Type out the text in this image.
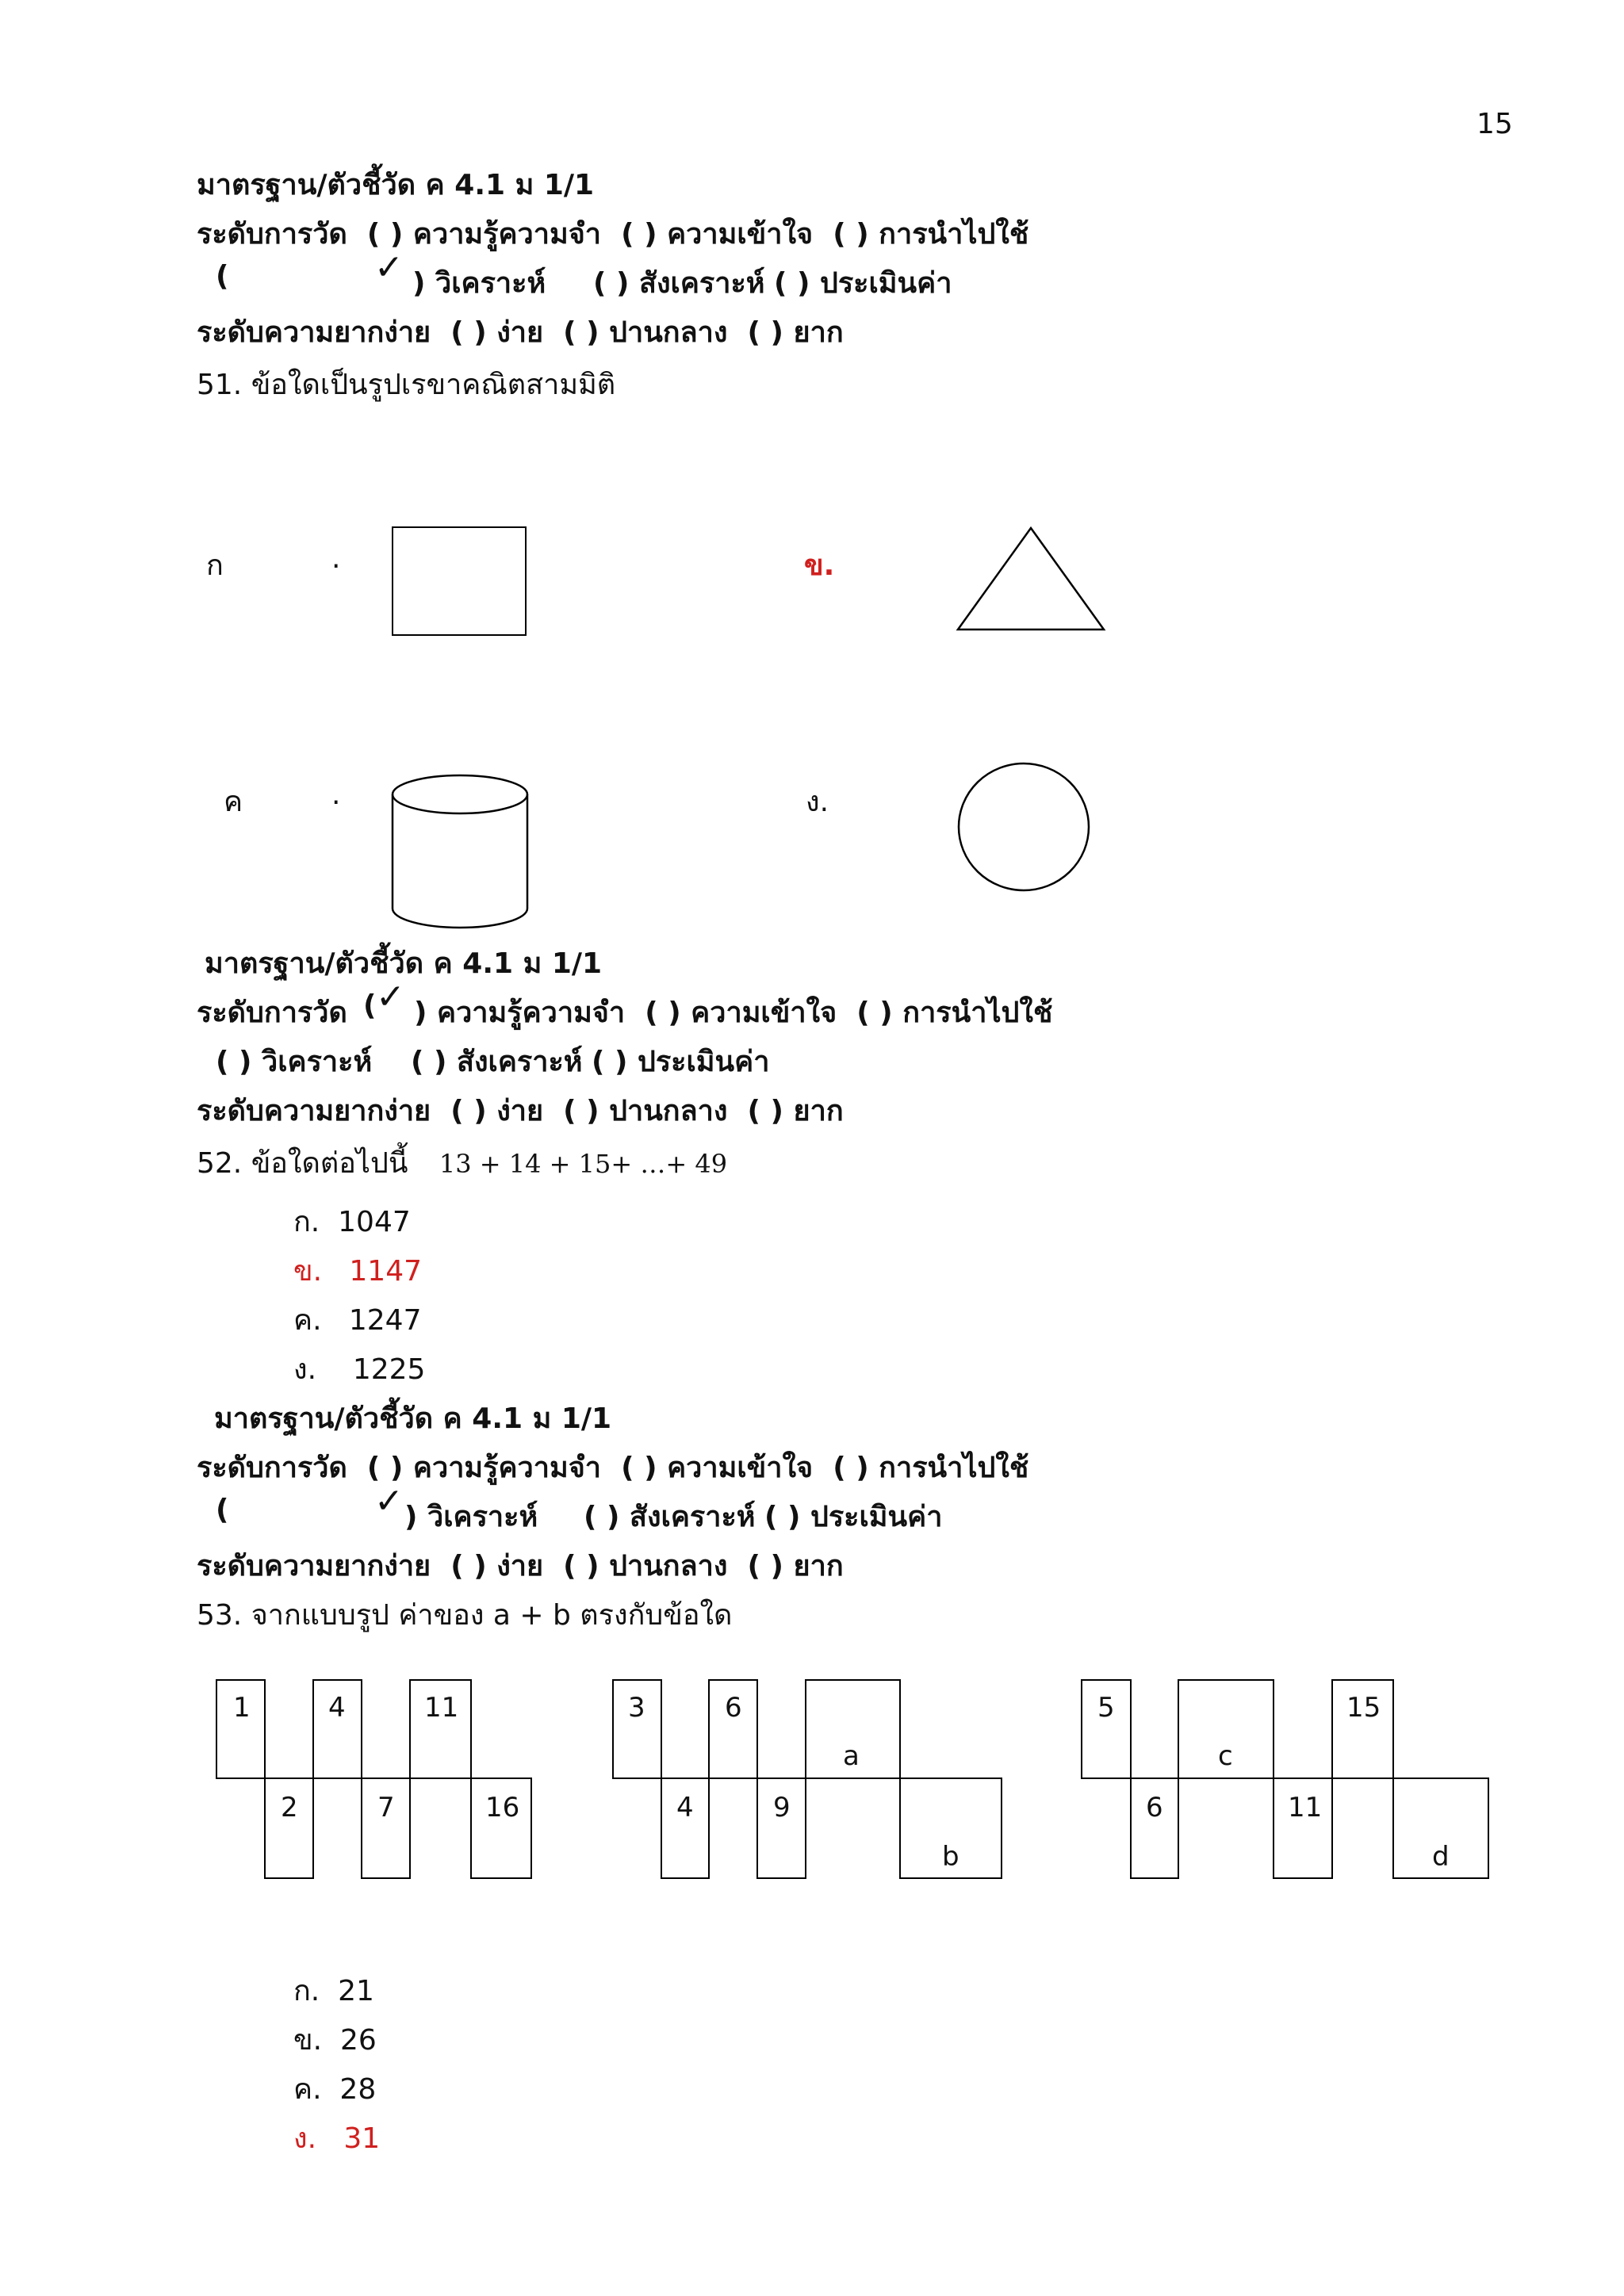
15
มาตรฐาน/ตัวชี้วัด ค 4.1 ม 1/1
ระดับการวัด ( ) ความรู้ความจำ ( ) ความเข้าใจ ( ) การนำไปใช้
(	✓ ) วิเคราะห์ ( ) สังเคราะห์ ( ) ประเมินค่า
ระดับความยากง่าย ( ) ง่าย ( ) ปานกลาง ( ) ยาก
51. ข้อใดเป็นรูปเรขาคณิตสามมิติ
ก	.	ข.
ค	.	ง.
มาตรฐาน/ตัวชี้วัด ค 4.1 ม 1/1
ระดับการวัด ( ✓ ) ความรู้ความจำ ( ) ความเข้าใจ ( ) การนำไปใช้
( ) วิเคราะห์ ( ) สังเคราะห์ ( ) ประเมินค่า
ระดับความยากง่าย ( ) ง่าย ( ) ปานกลาง ( ) ยาก
52. ข้อใดต่อไปนี้ 13 + 14 + 15+ …+ 49
ก. 1047
ข. 1147
ค. 1247
ง. 1225
มาตรฐาน/ตัวชี้วัด ค 4.1 ม 1/1
ระดับการวัด ( ) ความรู้ความจำ ( ) ความเข้าใจ ( ) การนำไปใช้
(	✓ ) วิเคราะห์ ( ) สังเคราะห์ ( ) ประเมินค่า
ระดับความยากง่าย ( ) ง่าย ( ) ปานกลาง ( ) ยาก
53. จากแบบรูป ค่าของ a + b ตรงกับข้อใด
1	4	11
2	7	16
3	6
a
4	9
b
5
c
15
6	11
d
ก. 21
ข. 26
ค. 28
ง. 31
